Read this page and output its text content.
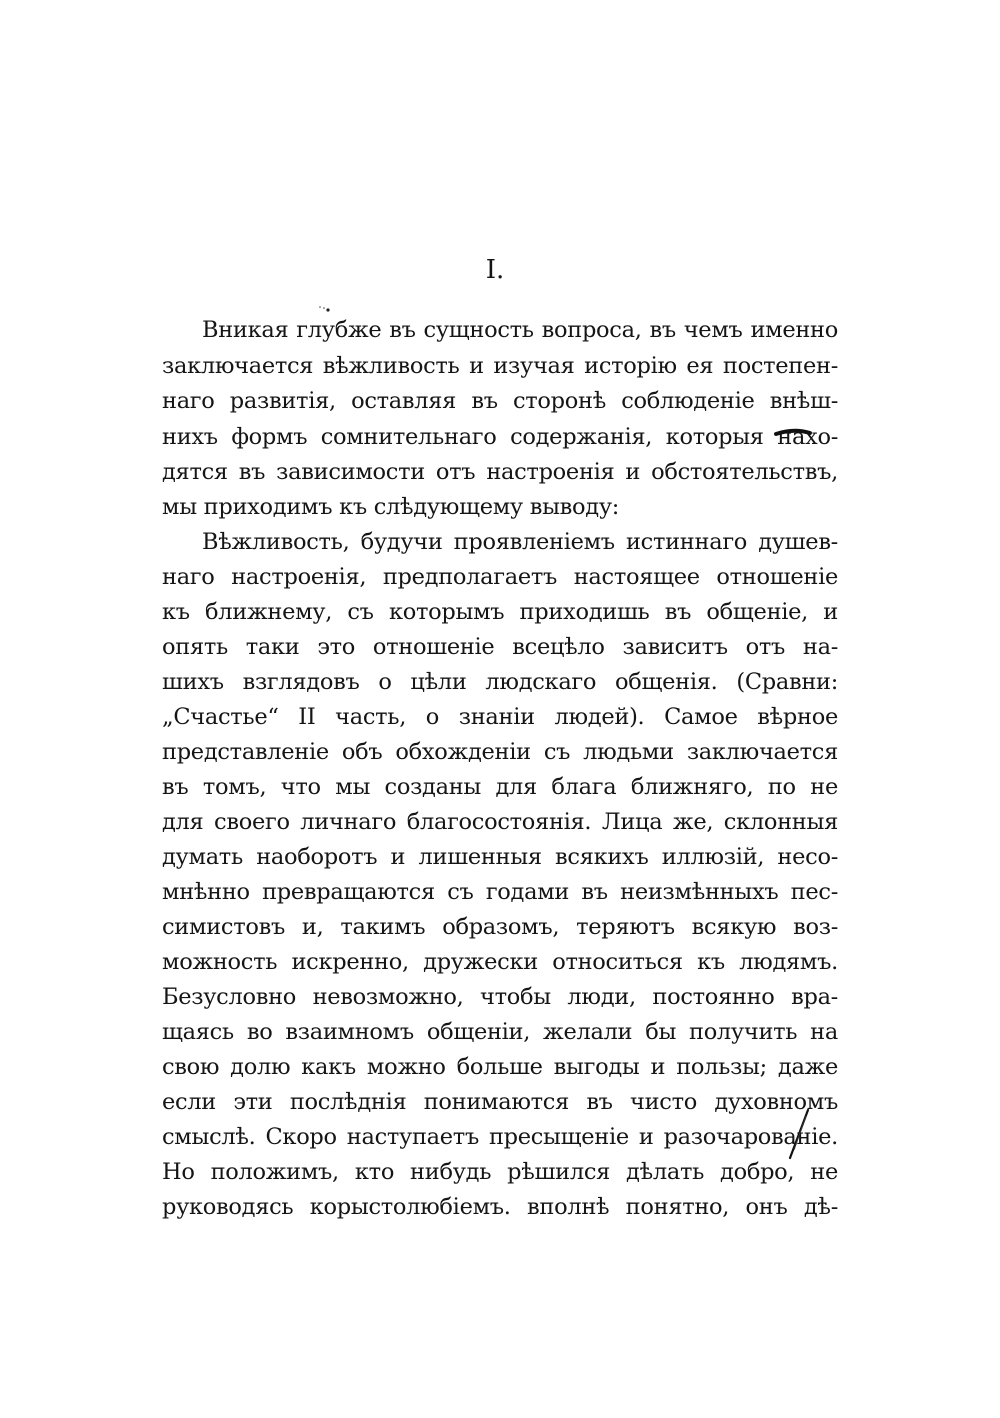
I.
Вникая глубже въ сущность вопроса, въ чемъ именно
заключается вѣжливость и изучая исторію ея постепен-
наго развитія, оставляя въ сторонѣ соблюденіе внѣш-
нихъ формъ сомнительнаго содержанія, которыя нахо-
дятся въ зависимости отъ настроенія и обстоятельствъ,
мы приходимъ къ слѣдующему выводу:
Вѣжливость, будучи проявленіемъ истиннаго душев-
наго настроенія, предполагаетъ настоящее отношеніе
къ ближнему, съ которымъ приходишь въ общеніе, и
опять таки это отношеніе всецѣло зависитъ отъ на-
шихъ взглядовъ о цѣли людскаго общенія. (Сравни:
„Счастье“ II часть, о знаніи людей). Самое вѣрное
представленіе объ обхожденіи съ людьми заключается
въ томъ, что мы созданы для блага ближняго, по не
для своего личнаго благосостоянія. Лица же, склонныя
думать наоборотъ и лишенныя всякихъ иллюзій, несо-
мнѣнно превращаются съ годами въ неизмѣнныхъ пес-
симистовъ и, такимъ образомъ, теряютъ всякую воз-
можность искренно, дружески относиться къ людямъ.
Безусловно невозможно, чтобы люди, постоянно вра-
щаясь во взаимномъ общеніи, желали бы получить на
свою долю какъ можно больше выгоды и пользы; даже
если эти послѣднія понимаются въ чисто духовномъ
смыслѣ. Скоро наступаетъ пресыщеніе и разочарованіе.
Но положимъ, кто нибудь рѣшился дѣлать добро, не
руководясь корыстолюбіемъ. вполнѣ понятно, онъ дѣ-
